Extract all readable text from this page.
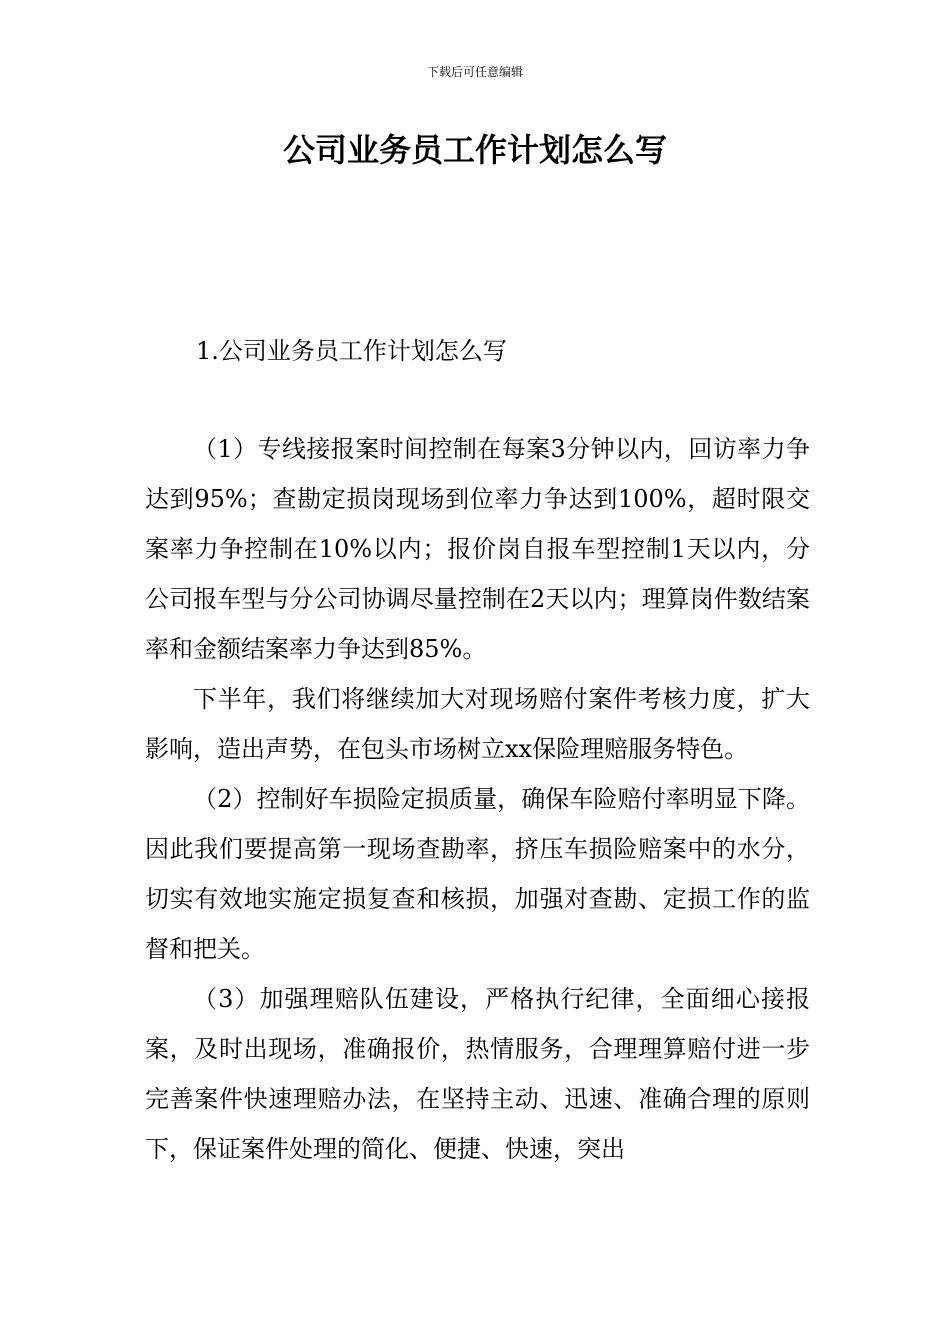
下载后可任意编辑
公司业务员工作计划怎么写
1.公司业务员工作计划怎么写

（1）专线接报案时间控制在每案3分钟以内，回访率力争达到95%；查勘定损岗现场到位率力争达到100%，超时限交案率力争控制在10%以内；报价岗自报车型控制1天以内，分公司报车型与分公司协调尽量控制在2天以内；理算岗件数结案率和金额结案率力争达到85%。

下半年，我们将继续加大对现场赔付案件考核力度，扩大影响，造出声势，在包头市场树立xx保险理赔服务特色。

（2）控制好车损险定损质量，确保车险赔付率明显下降。因此我们要提高第一现场查勘率，挤压车损险赔案中的水分，切实有效地实施定损复查和核损，加强对查勘、定损工作的监督和把关。

（3）加强理赔队伍建设，严格执行纪律，全面细心接报案，及时出现场，准确报价，热情服务，合理理算赔付进一步完善案件快速理赔办法，在坚持主动、迅速、准确合理的原则下，保证案件处理的简化、便捷、快速，突出
